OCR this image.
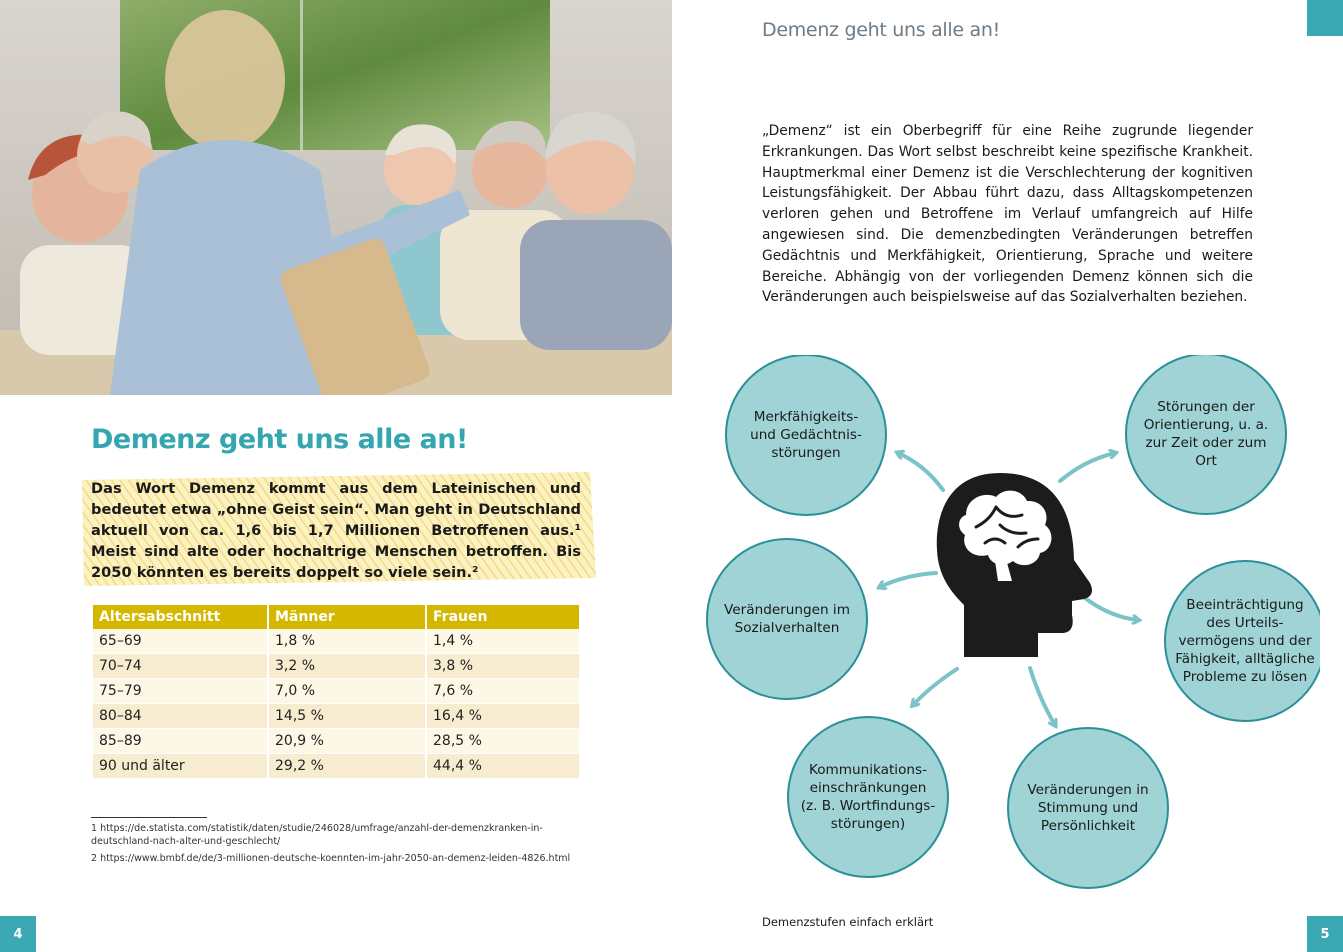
4	5
Demenz geht uns alle an!

Das Wort Demenz kommt aus dem Lateinischen und bedeutet etwa „ohne Geist sein“. Man geht in Deutschland aktuell von ca. 1,6 bis 1,7 Millionen Betroffenen aus.¹ Meist sind alte oder hochaltrige Menschen betroffen. Bis 2050 könnten es bereits doppelt so viele sein.²

Altersabschnitt	Männer	Frauen
65–69	1,8 %	1,4 %
70–74	3,2 %	3,8 %
75–79	7,0 %	7,6 %
80–84	14,5 %	16,4 %
85–89	20,9 %	28,5 %
90 und älter	29,2 %	44,4 %

1 https://de.statista.com/statistik/daten/studie/246028/umfrage/anzahl-der-demenzkranken-in-deutschland-nach-alter-und-geschlecht/

2 https://www.bmbf.de/de/3-millionen-deutsche-koennten-im-jahr-2050-an-demenz-leiden-4826.html

Demenz geht uns alle an!

„Demenz“ ist ein Oberbegriff für eine Reihe zugrunde liegender Erkrankungen. Das Wort selbst beschreibt keine spezifische Krankheit. Hauptmerkmal einer Demenz ist die Verschlechterung der kognitiven Leistungsfähigkeit. Der Abbau führt dazu, dass Alltagskompetenzen verloren gehen und Betroffene im Verlauf umfangreich auf Hilfe angewiesen sind. Die demenzbedingten Veränderungen betreffen Gedächtnis und Merkfähigkeit, Orientierung, Sprache und weitere Bereiche. Abhängig von der vorliegenden Demenz können sich die Veränderungen auch beispielsweise auf das Sozialverhalten beziehen.

Merkfähigkeits- und Gedächtnis- störungen
Störungen der Orientierung, u. a. zur Zeit oder zum Ort
Veränderungen im Sozialverhalten
Beeinträchtigung des Urteils- vermögens und der Fähigkeit, alltägliche Probleme zu lösen
Kommunikations- einschränkungen (z. B. Wortfindungs- störungen)
Veränderungen in Stimmung und Persönlichkeit
Demenzstufen einfach erklärt
